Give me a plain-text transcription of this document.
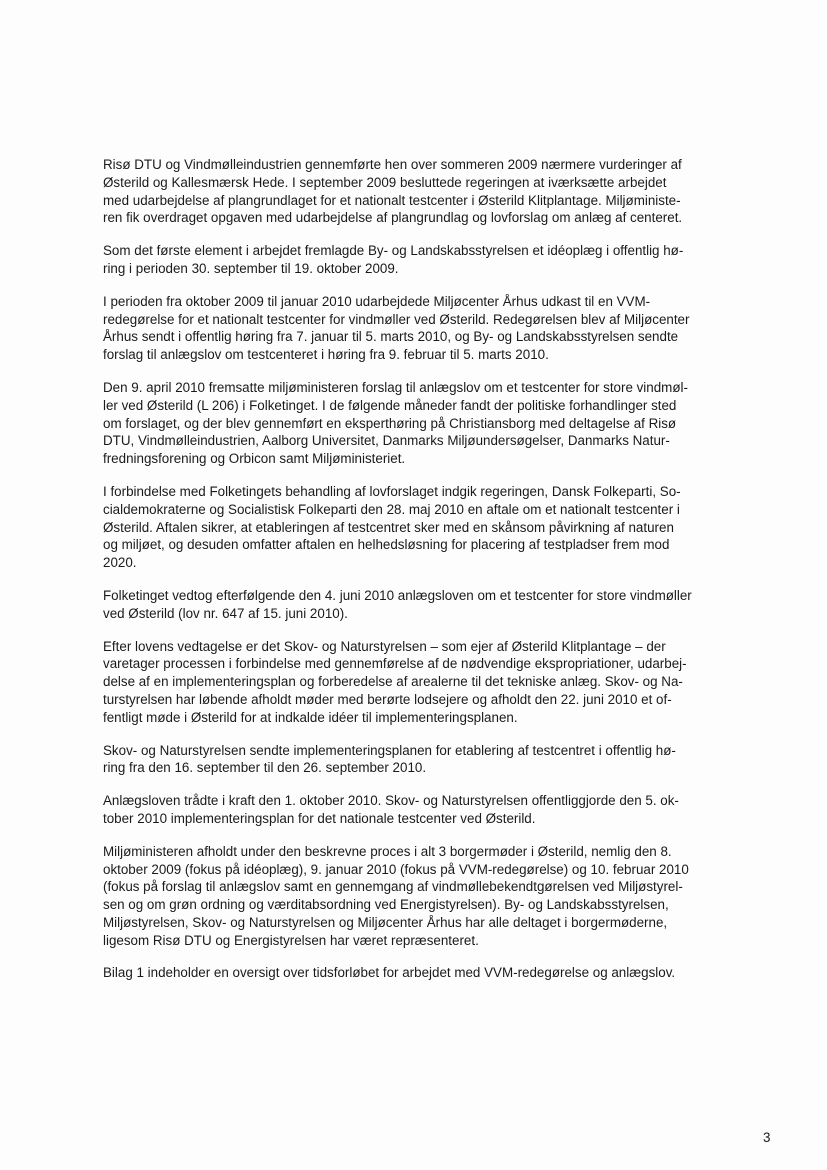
Risø DTU og Vindmølleindustrien gennemførte hen over sommeren 2009 nærmere vurderinger af
Østerild og Kallesmærsk Hede. I september 2009 besluttede regeringen at iværksætte arbejdet
med udarbejdelse af plangrundlaget for et nationalt testcenter i Østerild Klitplantage. Miljøministe-
ren fik overdraget opgaven med udarbejdelse af plangrundlag og lovforslag om anlæg af centeret.

Som det første element i arbejdet fremlagde By- og Landskabsstyrelsen et idéoplæg i offentlig hø-
ring i perioden 30. september til 19. oktober 2009.

I perioden fra oktober 2009 til januar 2010 udarbejdede Miljøcenter Århus udkast til en VVM-
redegørelse for et nationalt testcenter for vindmøller ved Østerild. Redegørelsen blev af Miljøcenter
Århus sendt i offentlig høring fra 7. januar til 5. marts 2010, og By- og Landskabsstyrelsen sendte
forslag til anlægslov om testcenteret i høring fra 9. februar til 5. marts 2010.

Den 9. april 2010 fremsatte miljøministeren forslag til anlægslov om et testcenter for store vindmøl-
ler ved Østerild (L 206) i Folketinget. I de følgende måneder fandt der politiske forhandlinger sted
om forslaget, og der blev gennemført en eksperthøring på Christiansborg med deltagelse af Risø
DTU, Vindmølleindustrien, Aalborg Universitet, Danmarks Miljøundersøgelser, Danmarks Natur-
fredningsforening og Orbicon samt Miljøministeriet.

I forbindelse med Folketingets behandling af lovforslaget indgik regeringen, Dansk Folkeparti, So-
cialdemokraterne og Socialistisk Folkeparti den 28. maj 2010 en aftale om et nationalt testcenter i
Østerild. Aftalen sikrer, at etableringen af testcentret sker med en skånsom påvirkning af naturen
og miljøet, og desuden omfatter aftalen en helhedsløsning for placering af testpladser frem mod
2020.

Folketinget vedtog efterfølgende den 4. juni 2010 anlægsloven om et testcenter for store vindmøller
ved Østerild (lov nr. 647 af 15. juni 2010).

Efter lovens vedtagelse er det Skov- og Naturstyrelsen – som ejer af Østerild Klitplantage – der
varetager processen i forbindelse med gennemførelse af de nødvendige ekspropriationer, udarbej-
delse af en implementeringsplan og forberedelse af arealerne til det tekniske anlæg. Skov- og Na-
turstyrelsen har løbende afholdt møder med berørte lodsejere og afholdt den 22. juni 2010 et of-
fentligt møde i Østerild for at indkalde idéer til implementeringsplanen.

Skov- og Naturstyrelsen sendte implementeringsplanen for etablering af testcentret i offentlig hø-
ring fra den 16. september til den 26. september 2010.

Anlægsloven trådte i kraft den 1. oktober 2010. Skov- og Naturstyrelsen offentliggjorde den 5. ok-
tober 2010 implementeringsplan for det nationale testcenter ved Østerild.

Miljøministeren afholdt under den beskrevne proces i alt 3 borgermøder i Østerild, nemlig den 8.
oktober 2009 (fokus på idéoplæg), 9. januar 2010 (fokus på VVM-redegørelse) og 10. februar 2010
(fokus på forslag til anlægslov samt en gennemgang af vindmøllebekendtgørelsen ved Miljøstyrel-
sen og om grøn ordning og værditabsordning ved Energistyrelsen). By- og Landskabsstyrelsen,
Miljøstyrelsen, Skov- og Naturstyrelsen og Miljøcenter Århus har alle deltaget i borgermøderne,
ligesom Risø DTU og Energistyrelsen har været repræsenteret.

Bilag 1 indeholder en oversigt over tidsforløbet for arbejdet med VVM-redegørelse og anlægslov.

3
